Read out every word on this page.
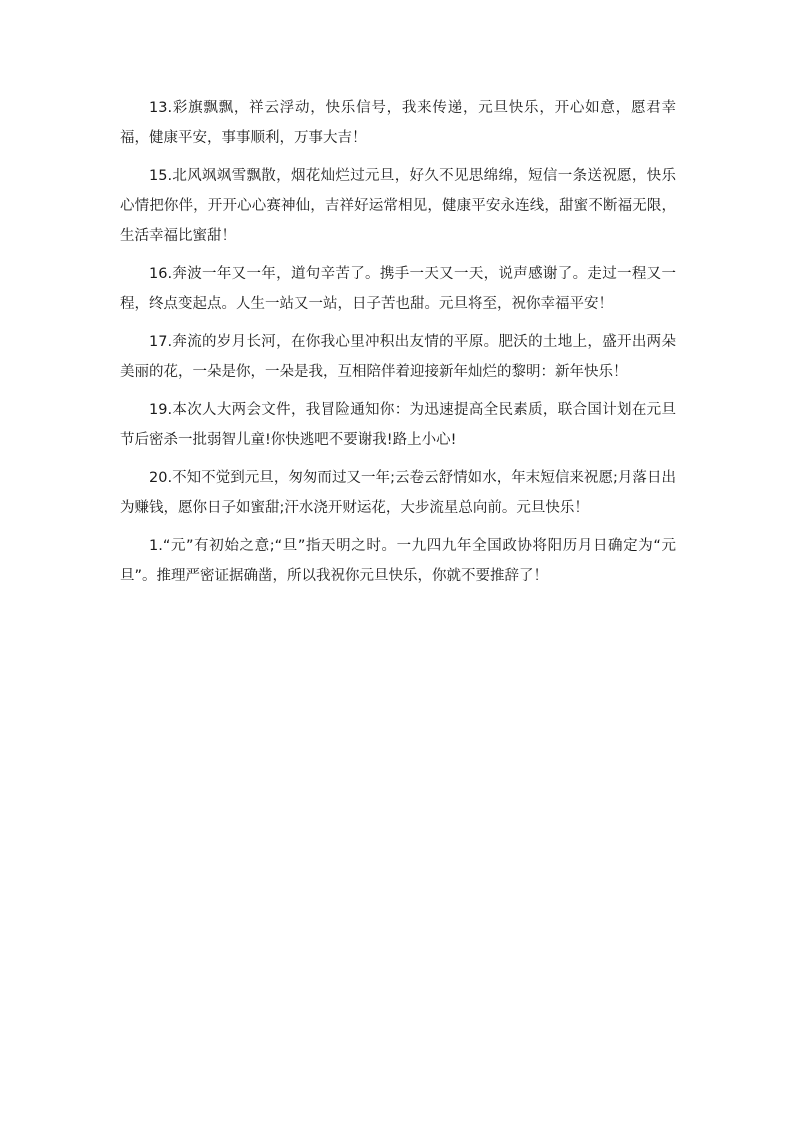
13.彩旗飘飘，祥云浮动，快乐信号，我来传递，元旦快乐，开心如意，愿君幸福，健康平安，事事顺利，万事大吉！

15.北风飒飒雪飘散，烟花灿烂过元旦，好久不见思绵绵，短信一条送祝愿，快乐心情把你伴，开开心心赛神仙，吉祥好运常相见，健康平安永连线，甜蜜不断福无限，生活幸福比蜜甜！

16.奔波一年又一年，道句辛苦了。携手一天又一天，说声感谢了。走过一程又一程，终点变起点。人生一站又一站，日子苦也甜。元旦将至，祝你幸福平安！

17.奔流的岁月长河，在你我心里冲积出友情的平原。肥沃的土地上，盛开出两朵美丽的花，一朵是你，一朵是我，互相陪伴着迎接新年灿烂的黎明：新年快乐！

19.本次人大两会文件，我冒险通知你：为迅速提高全民素质，联合国计划在元旦节后密杀一批弱智儿童!你快逃吧不要谢我!路上小心!

20.不知不觉到元旦，匆匆而过又一年;云卷云舒情如水，年末短信来祝愿;月落日出为赚钱，愿你日子如蜜甜;汗水浇开财运花，大步流星总向前。元旦快乐！

1.“元”有初始之意;“旦”指天明之时。一九四九年全国政协将阳历月日确定为“元旦”。推理严密证据确凿，所以我祝你元旦快乐，你就不要推辞了！
